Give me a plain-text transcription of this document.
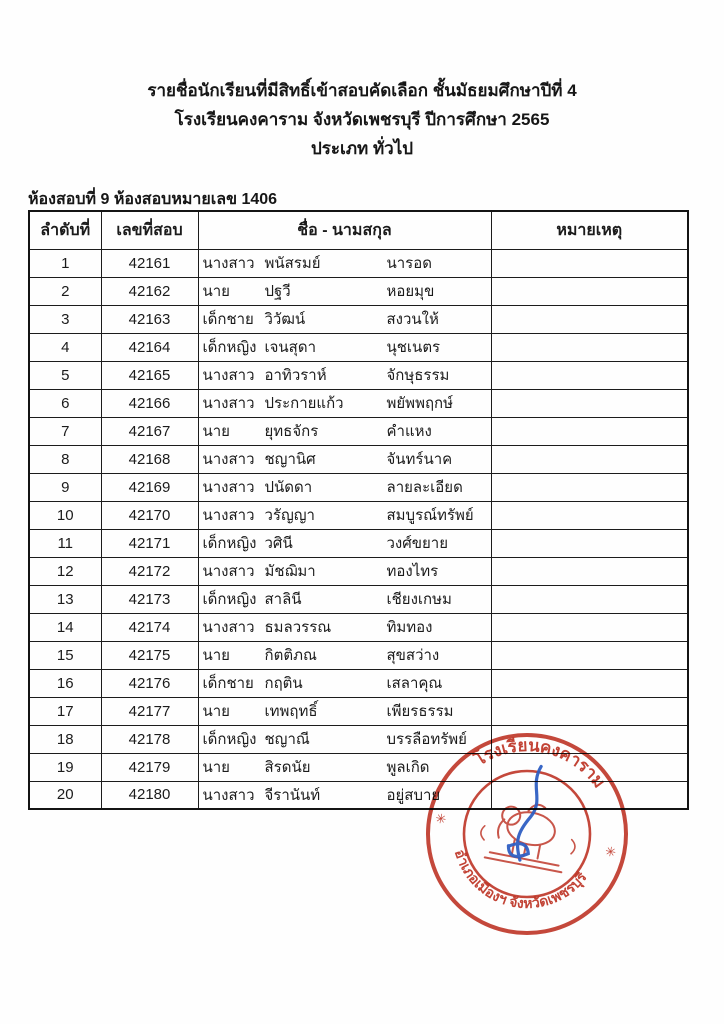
รายชื่อนักเรียนที่มีสิทธิ์เข้าสอบคัดเลือก ชั้นมัธยมศึกษาปีที่ 4
โรงเรียนคงคาราม จังหวัดเพชรบุรี ปีการศึกษา 2565
ประเภท ทั่วไป
ห้องสอบที่ 9 ห้องสอบหมายเลข 1406
ลำดับที่	เลขที่สอบ	ชื่อ - นามสกุล	หมายเหตุ
1	42161	นางสาว พนัสรมย์ นารอด	

2	42162	นาย ปฐวี หอยมุข	

3	42163	เด็กชาย วิวัฒน์ สงวนให้	

4	42164	เด็กหญิง เจนสุดา นุชเนตร	

5	42165	นางสาว อาทิวราห์ จักษุธรรม	

6	42166	นางสาว ประกายแก้ว พยัพพฤกษ์	

7	42167	นาย ยุทธจักร คำแหง	

8	42168	นางสาว ชญานิศ จันทร์นาค	

9	42169	นางสาว ปนัดดา ลายละเอียด	

10	42170	นางสาว วรัญญา สมบูรณ์ทรัพย์	

11	42171	เด็กหญิง วศินี วงศ์ขยาย	

12	42172	นางสาว มัชฌิมา ทองไทร	

13	42173	เด็กหญิง สาลินี เชียงเกษม	

14	42174	นางสาว ธมลวรรณ ทิมทอง	

15	42175	นาย กิตติภณ สุขสว่าง	

16	42176	เด็กชาย กฤติน เสลาคุณ	

17	42177	นาย เทพฤทธิ์ เพียรธรรม	

18	42178	เด็กหญิง ชญาณี บรรลือทรัพย์	

19	42179	นาย สิรดนัย พูลเกิด	

20	42180	นางสาว จีรานันท์ อยู่สบาย	

โรงเรียนคงคาราม
อำเภอเมืองฯ จังหวัดเพชรบุรี
✳
✳
